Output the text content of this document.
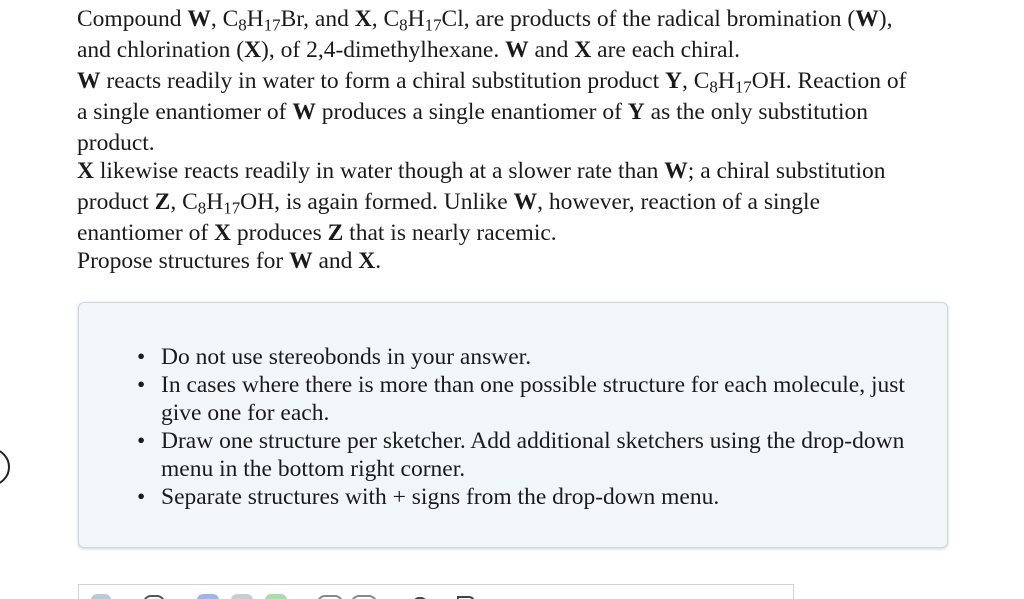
Compound W, $C_8H_{17}Br$, and X, $C_8H_{17}Cl$, are products of the radical bromination (W),
and chlorination (X), of 2,4-dimethylhexane. W and X are each chiral.

W reacts readily in water to form a chiral substitution product Y, $C_8H_{17}OH$. Reaction of
a single enantiomer of W produces a single enantiomer of Y as the only substitution
product.

X likewise reacts readily in water though at a slower rate than W; a chiral substitution
product Z, $C_8H_{17}OH$, is again formed. Unlike W, however, reaction of a single
enantiomer of X produces Z that is nearly racemic.

Propose structures for W and X.

• Do not use stereobonds in your answer.
• In cases where there is more than one possible structure for each molecule, just
give one for each.
• Draw one structure per sketcher. Add additional sketchers using the drop-down
menu in the bottom right corner.
• Separate structures with + signs from the drop-down menu.
